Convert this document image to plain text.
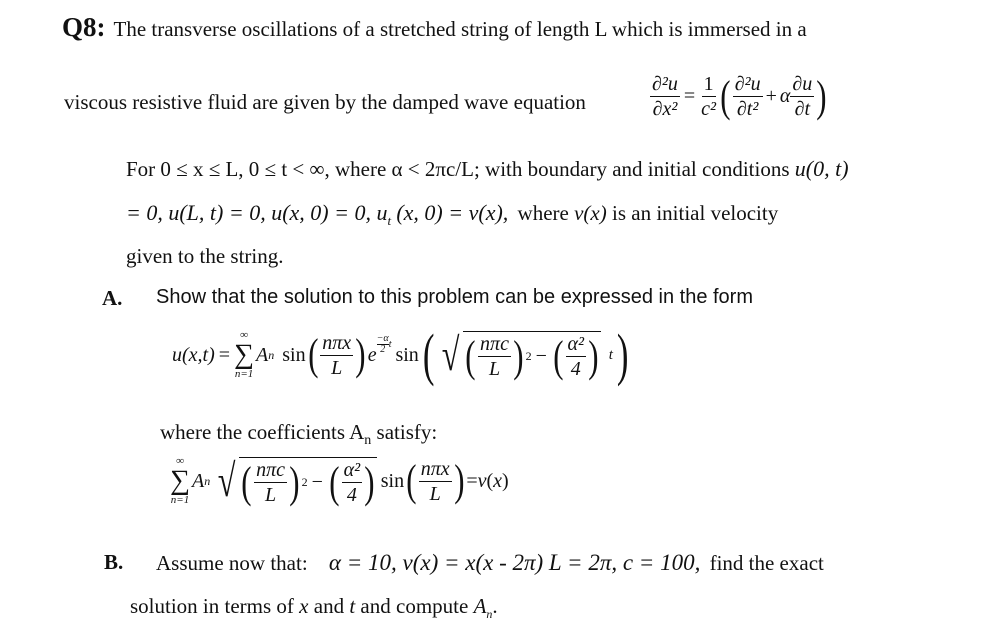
Q8: The transverse oscillations of a stretched string of length L which is immersed in a
viscous resistive fluid are given by the damped wave equation	$\frac{\text{∂²u}}{\text{∂x²}} = \frac{1}{\text{c²}}$ ( $\frac{\text{∂²u}}{\text{∂t²}} + \alpha \frac{\partial u}{\partial t}$ )
For 0 ≤ x ≤ L, 0 ≤ t < ∞, where α < 2πc/L; with boundary and initial conditions u(0, t)
= 0, u(L, t) = 0, u(x, 0) = 0, $u_t$ (x, 0) = v(x), where v(x) is an initial velocity
given to the string.
A. Show that the solution to this problem can be expressed in the form
u(x,t) =
∞
∑
n=1
A n sin ( $\frac{\text{nπx}}{L}$ ) e
−α
2 t sin ( √ ( $\frac{\text{nπc}}{L}$ ) 2 − ( $\frac{\text{α²}}{4}$ ) t )
where the coefficients $A_n$ satisfy:
∞
∑
n=1
A n √ ( $\frac{\text{nπc}}{L}$ ) 2 − ( $\frac{\text{α²}}{4}$ ) sin ( $\frac{\text{nπx}}{L}$ ) = v ( x )
B. Assume now that: α = 10, v(x) = x(x - 2π) L = 2π, c = 100, find the exact
solution in terms of x and t and compute $A_n$.
